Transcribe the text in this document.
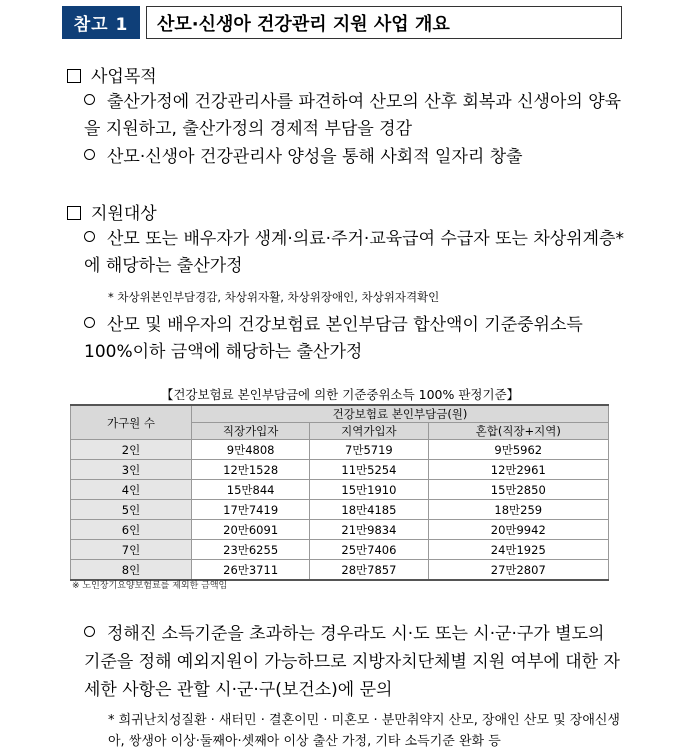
참고 1	산모·신생아 건강관리 지원 사업 개요
사업목적
출산가정에 건강관리사를 파견하여 산모의 산후 회복과 신생아의 양육을 지원하고, 출산가정의 경제적 부담을 경감
산모·신생아 건강관리사 양성을 통해 사회적 일자리 창출
지원대상
산모 또는 배우자가 생계·의료·주거·교육급여 수급자 또는 차상위계층*에 해당하는 출산가정
* 차상위본인부담경감, 차상위자활, 차상위장애인, 차상위자격확인
산모 및 배우자의 건강보험료 본인부담금 합산액이 기준중위소득 100%이하 금액에 해당하는 출산가정
【건강보험료 본인부담금에 의한 기준중위소득 100% 판정기준】
가구원 수	건강보험료 본인부담금(원)		
	직장가입자	지역가입자	혼합(직장+지역)
2인	9만4808	7만5719	9만5962
3인	12만1528	11만5254	12만2961
4인	15만844	15만1910	15만2850
5인	17만7419	18만4185	18만259
6인	20만6091	21만9834	20만9942
7인	23만6255	25만7406	24만1925
8인	26만3711	28만7857	27만2807
※ 노인장기요양보험료를 제외한 금액임
정해진 소득기준을 초과하는 경우라도 시·도 또는 시·군·구가 별도의 기준을 정해 예외지원이 가능하므로 지방자치단체별 지원 여부에 대한 자세한 사항은 관할 시·군·구(보건소)에 문의
* 희귀난치성질환 · 새터민 · 결혼이민 · 미혼모 · 분만취약지 산모, 장애인 산모 및 장애신생아, 쌍생아 이상·둘째아·셋째아 이상 출산 가정, 기타 소득기준 완화 등
